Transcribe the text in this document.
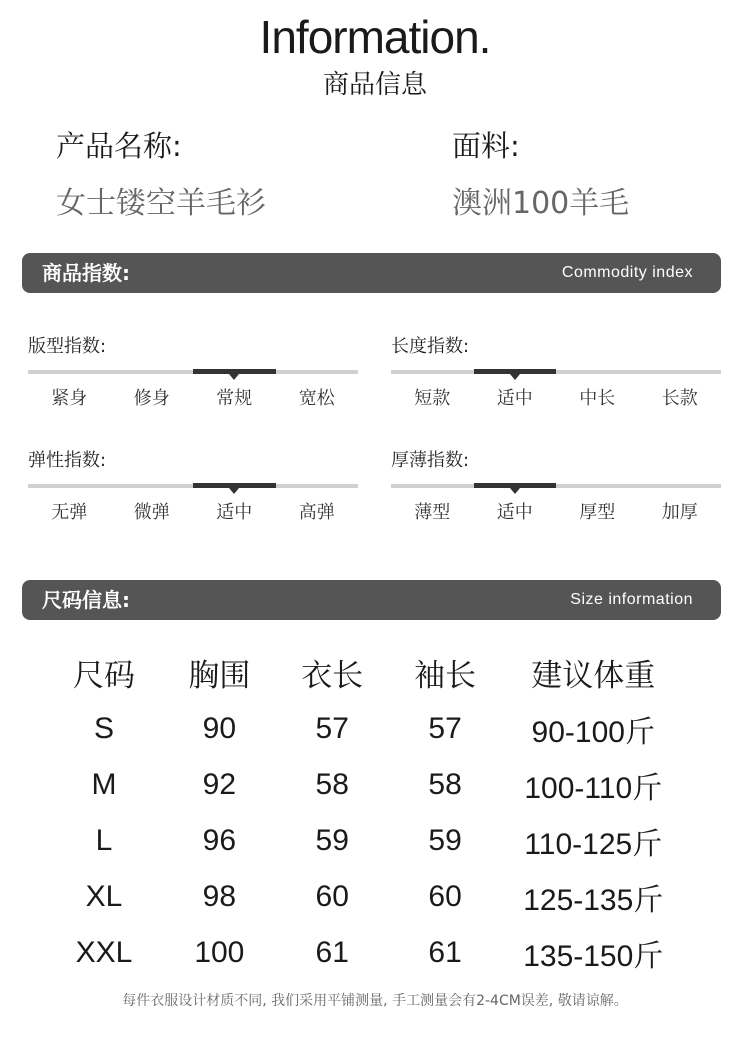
Information.
商品信息
产品名称:
女士镂空羊毛衫
面料:
澳洲100羊毛
商品指数:	Commodity index
版型指数:
紧身	修身	常规	宽松
长度指数:
短款	适中	中长	长款
弹性指数:
无弹	微弹	适中	高弹
厚薄指数:
薄型	适中	厚型	加厚
尺码信息:	Size information
尺码	胸围	衣长	袖长	建议体重
S	90	57	57	90-100斤
M	92	58	58	100-110斤
L	96	59	59	110-125斤
XL	98	60	60	125-135斤
XXL	100	61	61	135-150斤
每件衣服设计材质不同, 我们采用平铺测量, 手工测量会有2-4CM误差, 敬请谅解。
